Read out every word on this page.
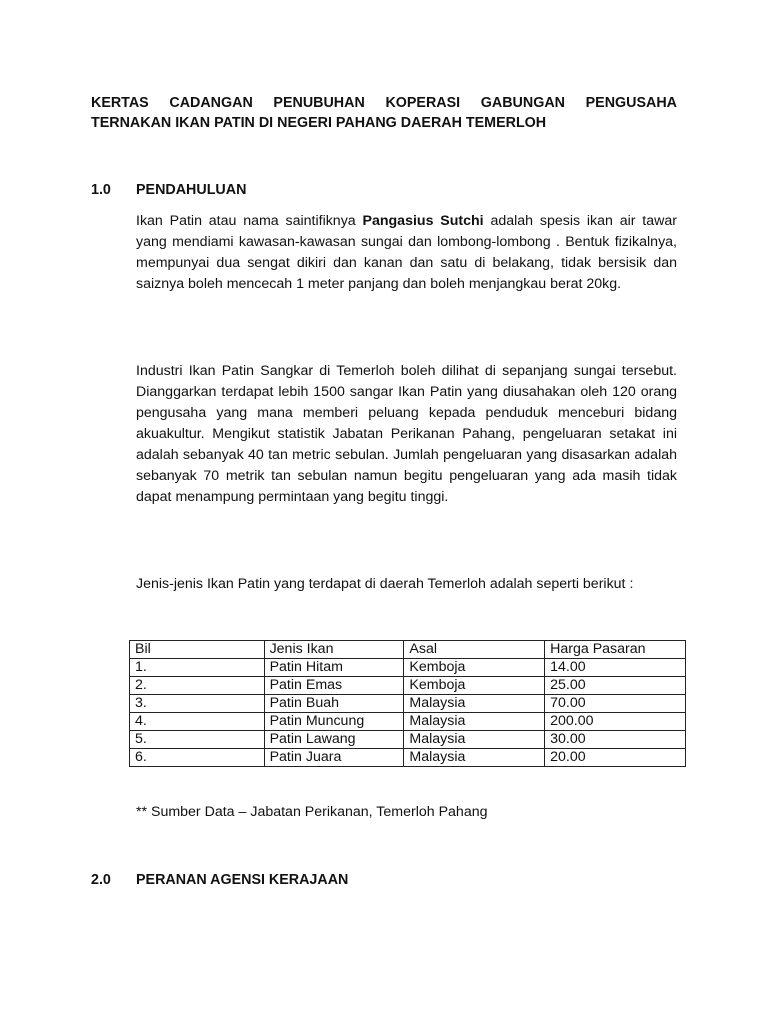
KERTAS CADANGAN PENUBUHAN KOPERASI GABUNGAN PENGUSAHA
TERNAKAN IKAN PATIN DI NEGERI PAHANG DAERAH TEMERLOH
1.0 PENDAHULUAN

Ikan Patin atau nama saintifiknya Pangasius Sutchi adalah spesis ikan air tawar yang mendiami kawasan-kawasan sungai dan lombong-lombong . Bentuk fizikalnya, mempunyai dua sengat dikiri dan kanan dan satu di belakang, tidak bersisik dan saiznya boleh mencecah 1 meter panjang dan boleh menjangkau berat 20kg.

Industri Ikan Patin Sangkar di Temerloh boleh dilihat di sepanjang sungai tersebut. Dianggarkan terdapat lebih 1500 sangar Ikan Patin yang diusahakan oleh 120 orang pengusaha yang mana memberi peluang kepada penduduk menceburi bidang akuakultur. Mengikut statistik Jabatan Perikanan Pahang, pengeluaran setakat ini adalah sebanyak 40 tan metric sebulan. Jumlah pengeluaran yang disasarkan adalah sebanyak 70 metrik tan sebulan namun begitu pengeluaran yang ada masih tidak dapat menampung permintaan yang begitu tinggi.

Jenis-jenis Ikan Patin yang terdapat di daerah Temerloh adalah seperti berikut :

Bil	Jenis Ikan	Asal	Harga Pasaran
1.	Patin Hitam	Kemboja	14.00
2.	Patin Emas	Kemboja	25.00
3.	Patin Buah	Malaysia	70.00
4.	Patin Muncung	Malaysia	200.00
5.	Patin Lawang	Malaysia	30.00
6.	Patin Juara	Malaysia	20.00
** Sumber Data – Jabatan Perikanan, Temerloh Pahang
2.0 PERANAN AGENSI KERAJAAN
